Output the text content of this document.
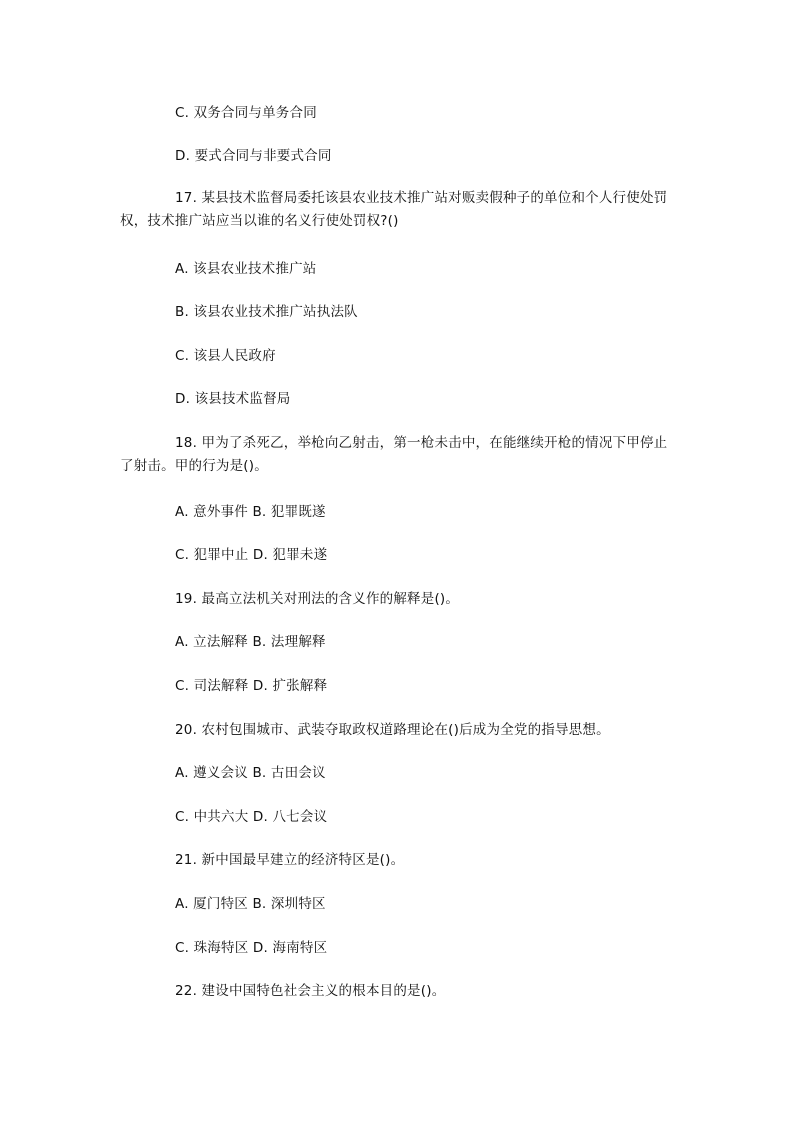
C. 双务合同与单务合同
D. 要式合同与非要式合同
17. 某县技术监督局委托该县农业技术推广站对贩卖假种子的单位和个人行使处罚权，技术推广站应当以谁的名义行使处罚权?()
A. 该县农业技术推广站
B. 该县农业技术推广站执法队
C. 该县人民政府
D. 该县技术监督局
18. 甲为了杀死乙，举枪向乙射击，第一枪未击中，在能继续开枪的情况下甲停止了射击。甲的行为是()。
A. 意外事件 B. 犯罪既遂
C. 犯罪中止 D. 犯罪未遂
19. 最高立法机关对刑法的含义作的解释是()。
A. 立法解释 B. 法理解释
C. 司法解释 D. 扩张解释
20. 农村包围城市、武装夺取政权道路理论在()后成为全党的指导思想。
A. 遵义会议 B. 古田会议
C. 中共六大 D. 八七会议
21. 新中国最早建立的经济特区是()。
A. 厦门特区 B. 深圳特区
C. 珠海特区 D. 海南特区
22. 建设中国特色社会主义的根本目的是()。
